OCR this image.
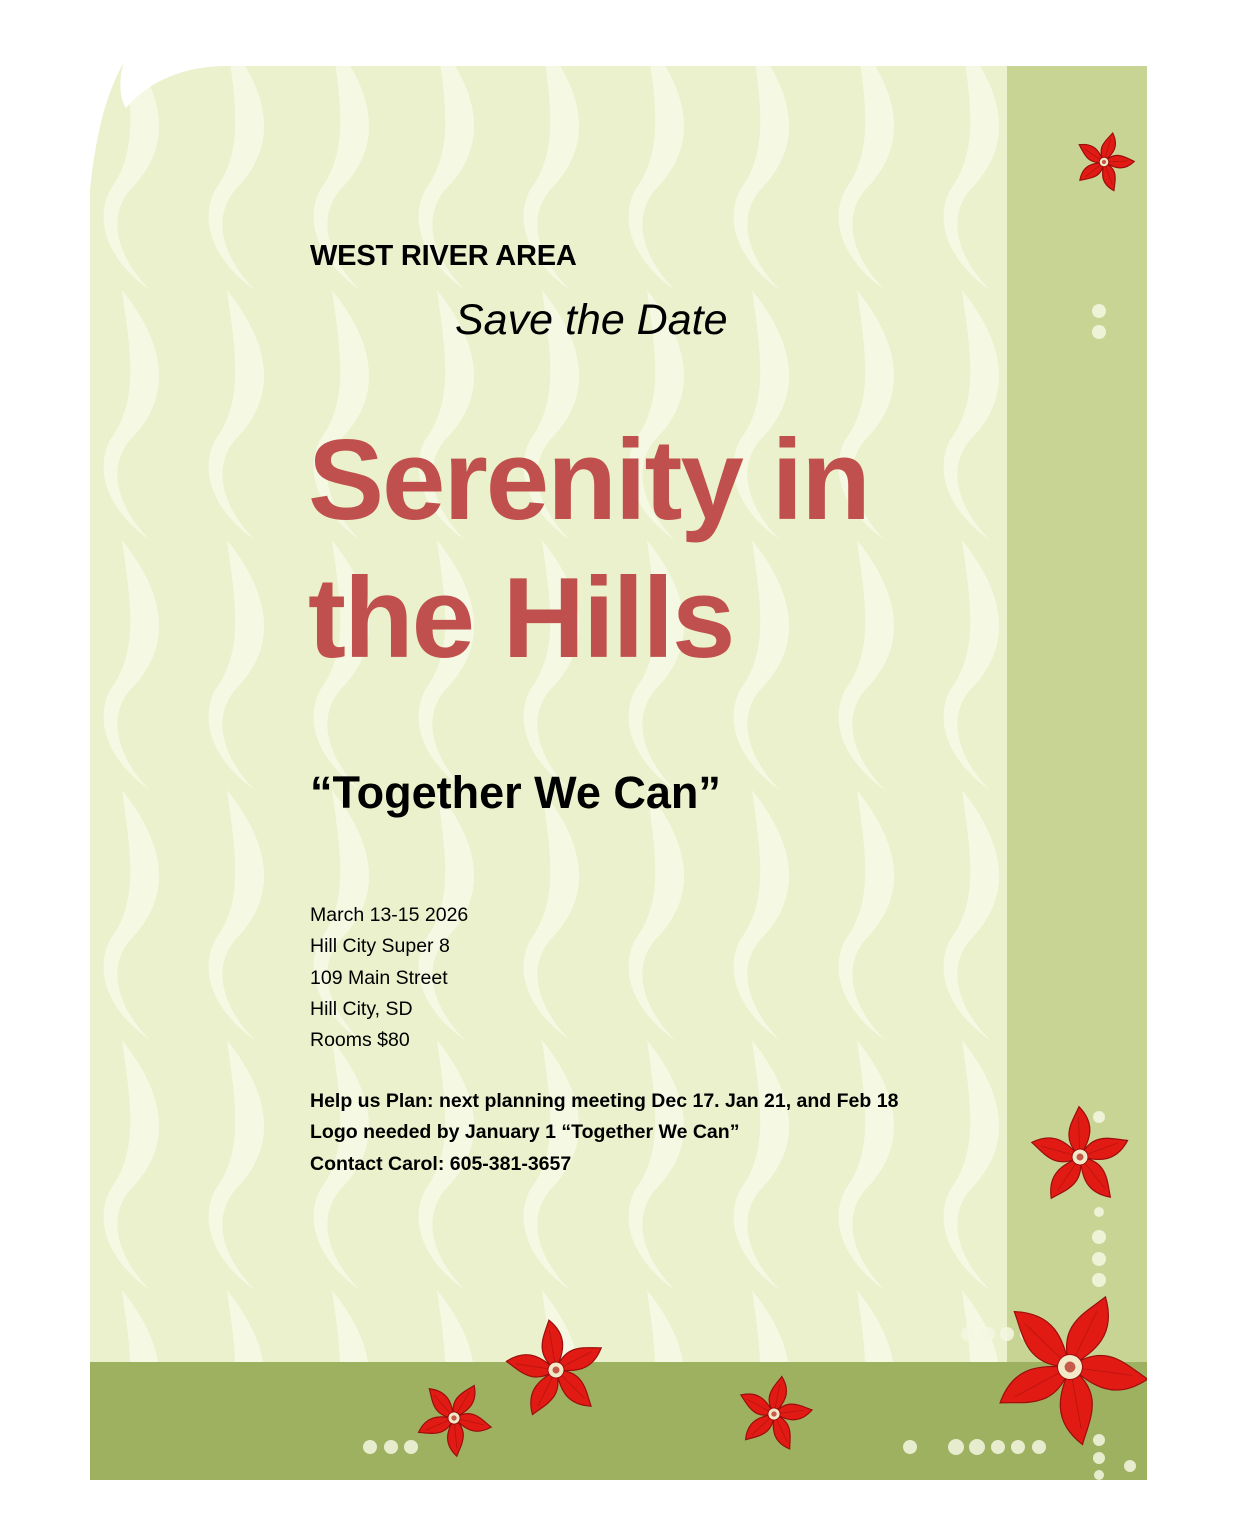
WEST RIVER AREA
Save the Date
Serenity in the Hills
“Together We Can”
March 13-15 2026
Hill City Super 8
109 Main Street
Hill City, SD
Rooms $80
Help us Plan: next planning meeting Dec 17. Jan 21, and Feb 18
Logo needed by January 1 “Together We Can”
Contact Carol: 605-381-3657
